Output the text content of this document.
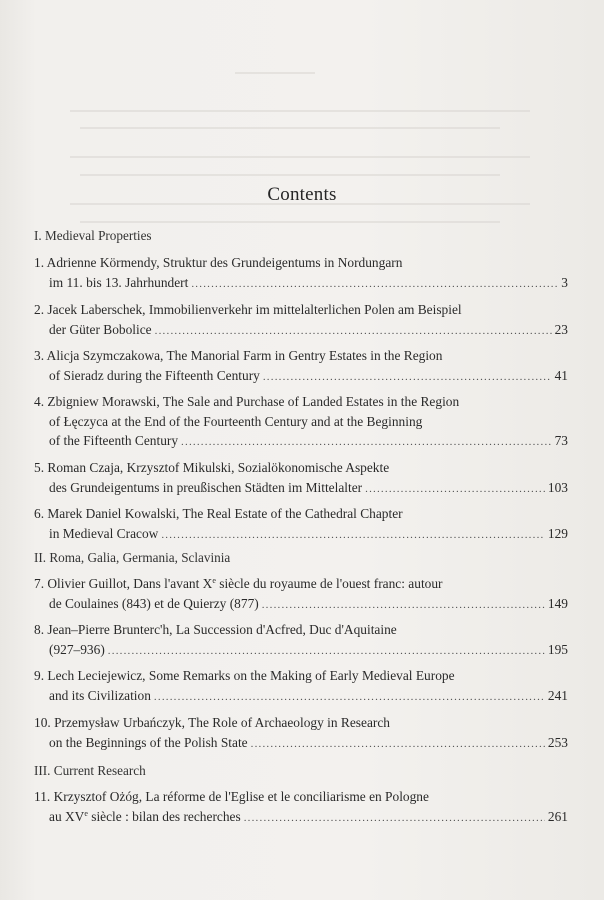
Contents
I. Medieval Properties
1. Adrienne Körmendy, Struktur des Grundeigentums in Nordungarn
im 11. bis 13. Jahrhundert .....	3
2. Jacek Laberschek, Immobilienverkehr im mittelalterlichen Polen am Beispiel
der Güter Bobolice .....	23
3. Alicja Szymczakowa, The Manorial Farm in Gentry Estates in the Region
of Sieradz during the Fifteenth Century .....	41
4. Zbigniew Morawski, The Sale and Purchase of Landed Estates in the Region
of Łęczyca at the End of the Fourteenth Century and at the Beginning
of the Fifteenth Century .....	73
5. Roman Czaja, Krzysztof Mikulski, Sozialökonomische Aspekte
des Grundeigentums in preußischen Städten im Mittelalter .....	103
6. Marek Daniel Kowalski, The Real Estate of the Cathedral Chapter
in Medieval Cracow .....	129
II. Roma, Galia, Germania, Sclavinia
7. Olivier Guillot, Dans l'avant Xe siècle du royaume de l'ouest franc: autour
de Coulaines (843) et de Quierzy (877) .....	149
8. Jean–Pierre Brunterc'h, La Succession d'Acfred, Duc d'Aquitaine
(927–936) .....	195
9. Lech Leciejewicz, Some Remarks on the Making of Early Medieval Europe
and its Civilization .....	241
10. Przemysław Urbańczyk, The Role of Archaeology in Research
on the Beginnings of the Polish State .....	253
III. Current Research
11. Krzysztof Ożóg, La réforme de l'Eglise et le conciliarisme en Pologne
au XVe siècle : bilan des recherches .....	261
